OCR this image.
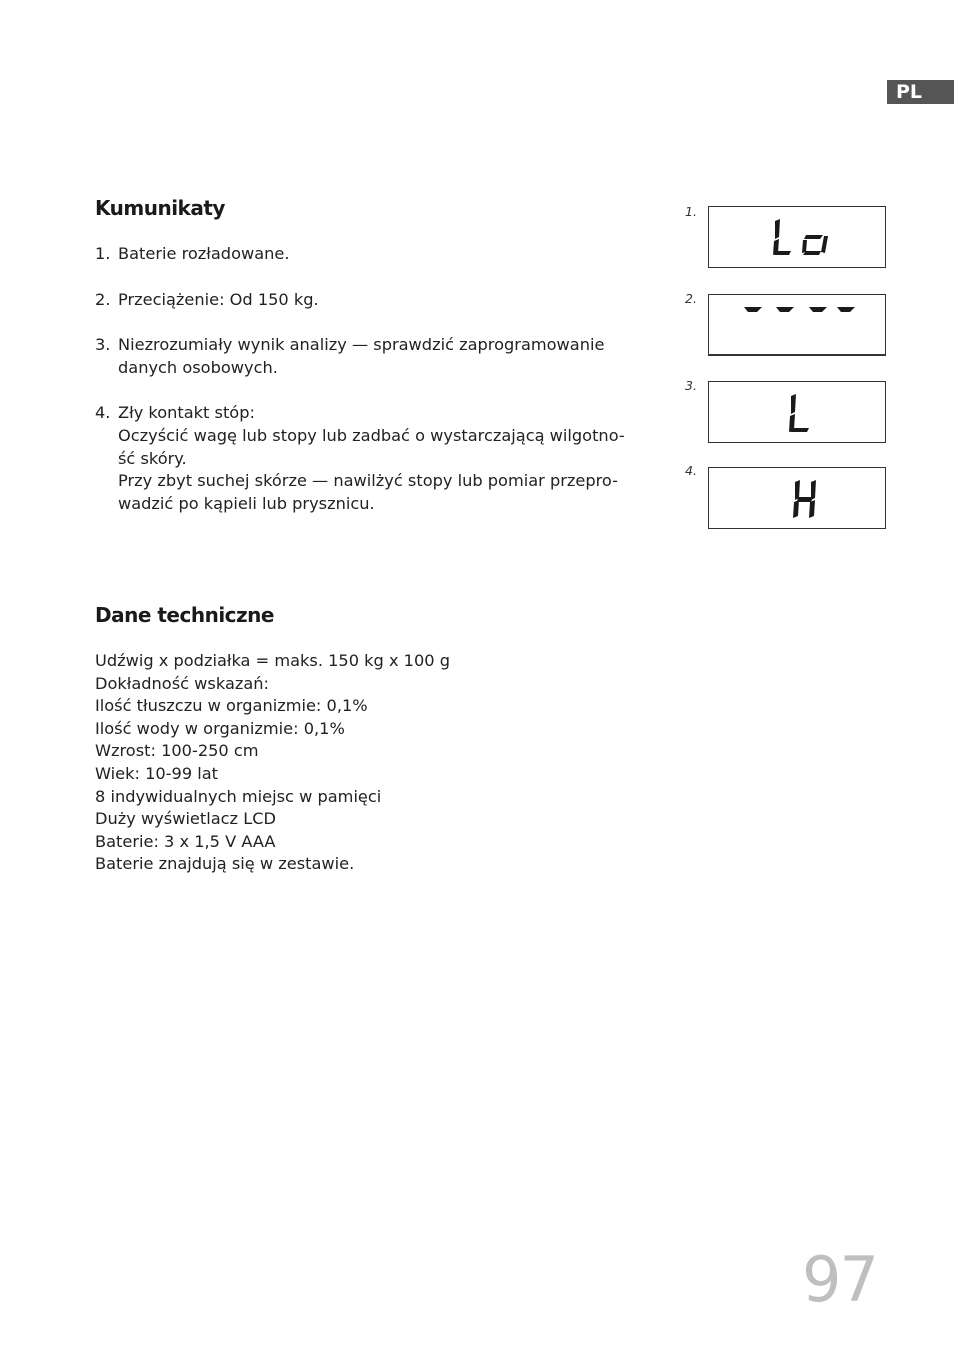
PL
Kumunikaty
1. Baterie rozładowane.
2. Przeciążenie: Od 150 kg.
3. Niezrozumiały wynik analizy — sprawdzić zaprogramowanie
danych osobowych.
4. Zły kontakt stóp:
Oczyścić wagę lub stopy lub zadbać o wystarczającą wilgotno-
ść skóry.
Przy zbyt suchej skórze — nawilżyć stopy lub pomiar przepro-
wadzić po kąpieli lub prysznicu.
1.
2.
3.
4.
Dane techniczne
Udźwig x podziałka = maks. 150 kg x 100 g
Dokładność wskazań:
Ilość tłuszczu w organizmie: 0,1%
Ilość wody w organizmie: 0,1%
Wzrost: 100-250 cm
Wiek: 10-99 lat
8 indywidualnych miejsc w pamięci
Duży wyświetlacz LCD
Baterie: 3 x 1,5 V AAA
Baterie znajdują się w zestawie.
97
